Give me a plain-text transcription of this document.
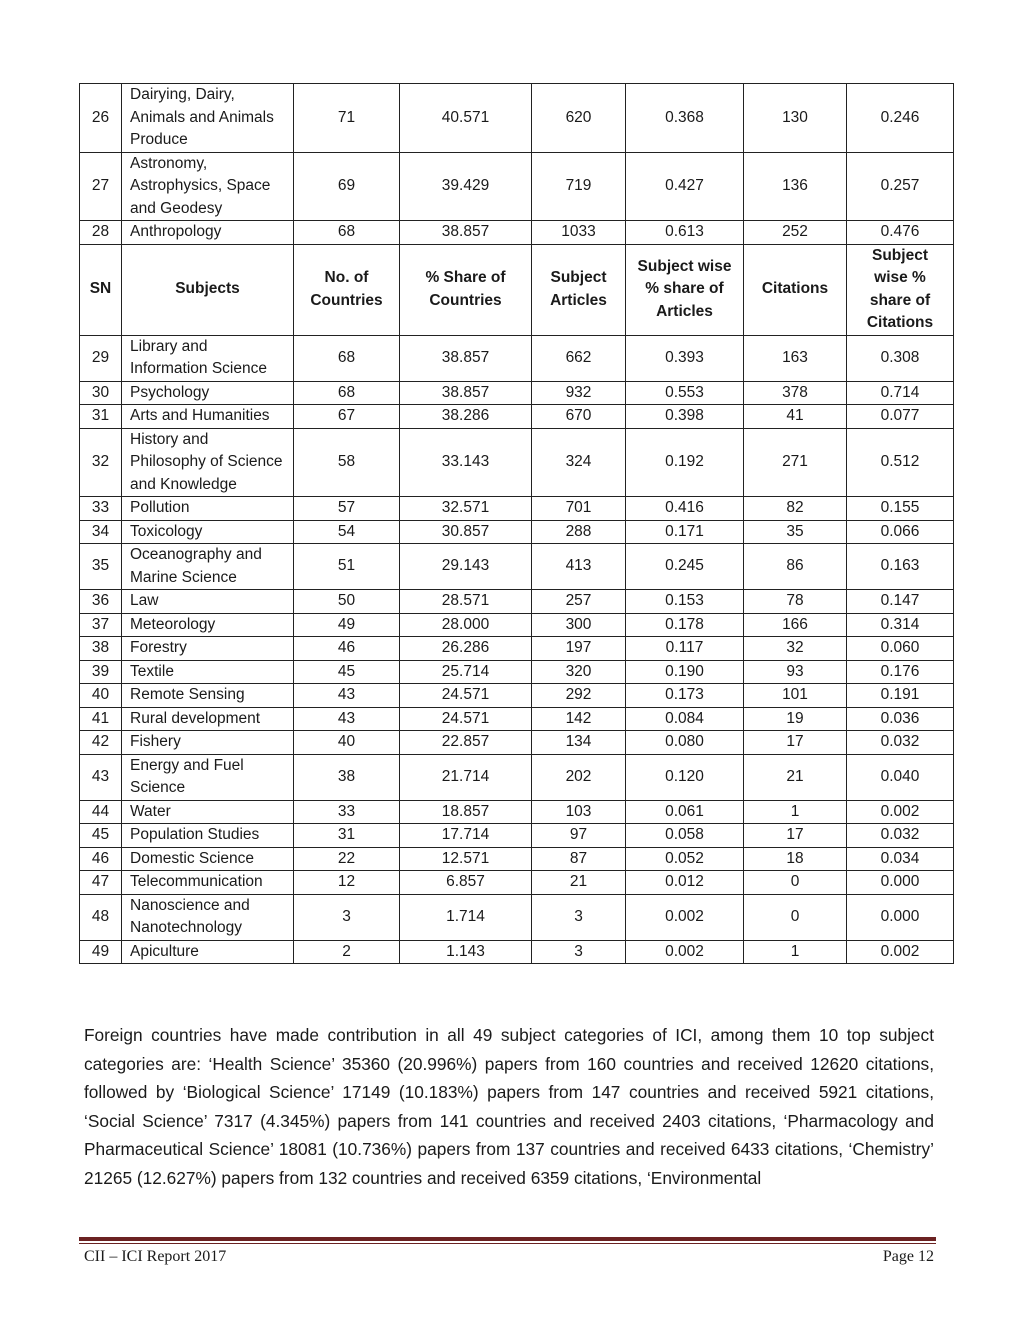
26	Dairying, Dairy, Animals and Animals Produce	71	40.571	620	0.368	130	0.246
27	Astronomy, Astrophysics, Space and Geodesy	69	39.429	719	0.427	136	0.257
28	Anthropology	68	38.857	1033	0.613	252	0.476
SN	Subjects	No. of Countries	% Share of Countries	Subject Articles	Subject wise % share of Articles	Citations	Subject wise % share of Citations
29	Library and Information Science	68	38.857	662	0.393	163	0.308
30	Psychology	68	38.857	932	0.553	378	0.714
31	Arts and Humanities	67	38.286	670	0.398	41	0.077
32	History and Philosophy of Science and Knowledge	58	33.143	324	0.192	271	0.512
33	Pollution	57	32.571	701	0.416	82	0.155
34	Toxicology	54	30.857	288	0.171	35	0.066
35	Oceanography and Marine Science	51	29.143	413	0.245	86	0.163
36	Law	50	28.571	257	0.153	78	0.147
37	Meteorology	49	28.000	300	0.178	166	0.314
38	Forestry	46	26.286	197	0.117	32	0.060
39	Textile	45	25.714	320	0.190	93	0.176
40	Remote Sensing	43	24.571	292	0.173	101	0.191
41	Rural development	43	24.571	142	0.084	19	0.036
42	Fishery	40	22.857	134	0.080	17	0.032
43	Energy and Fuel Science	38	21.714	202	0.120	21	0.040
44	Water	33	18.857	103	0.061	1	0.002
45	Population Studies	31	17.714	97	0.058	17	0.032
46	Domestic Science	22	12.571	87	0.052	18	0.034
47	Telecommunication	12	6.857	21	0.012	0	0.000
48	Nanoscience and Nanotechnology	3	1.714	3	0.002	0	0.000
49	Apiculture	2	1.143	3	0.002	1	0.002

Foreign countries have made contribution in all 49 subject categories of ICI, among them 10 top subject categories are: ‘Health Science’ 35360 (20.996%) papers from 160 countries and received 12620 citations, followed by ‘Biological Science’ 17149 (10.183%) papers from 147 countries and received 5921 citations, ‘Social Science’ 7317 (4.345%) papers from 141 countries and received 2403 citations, ‘Pharmacology and Pharmaceutical Science’ 18081 (10.736%) papers from 137 countries and received 6433 citations, ‘Chemistry’ 21265 (12.627%) papers from 132 countries and received 6359 citations, ‘Environmental

CII – ICI Report 2017	Page 12
